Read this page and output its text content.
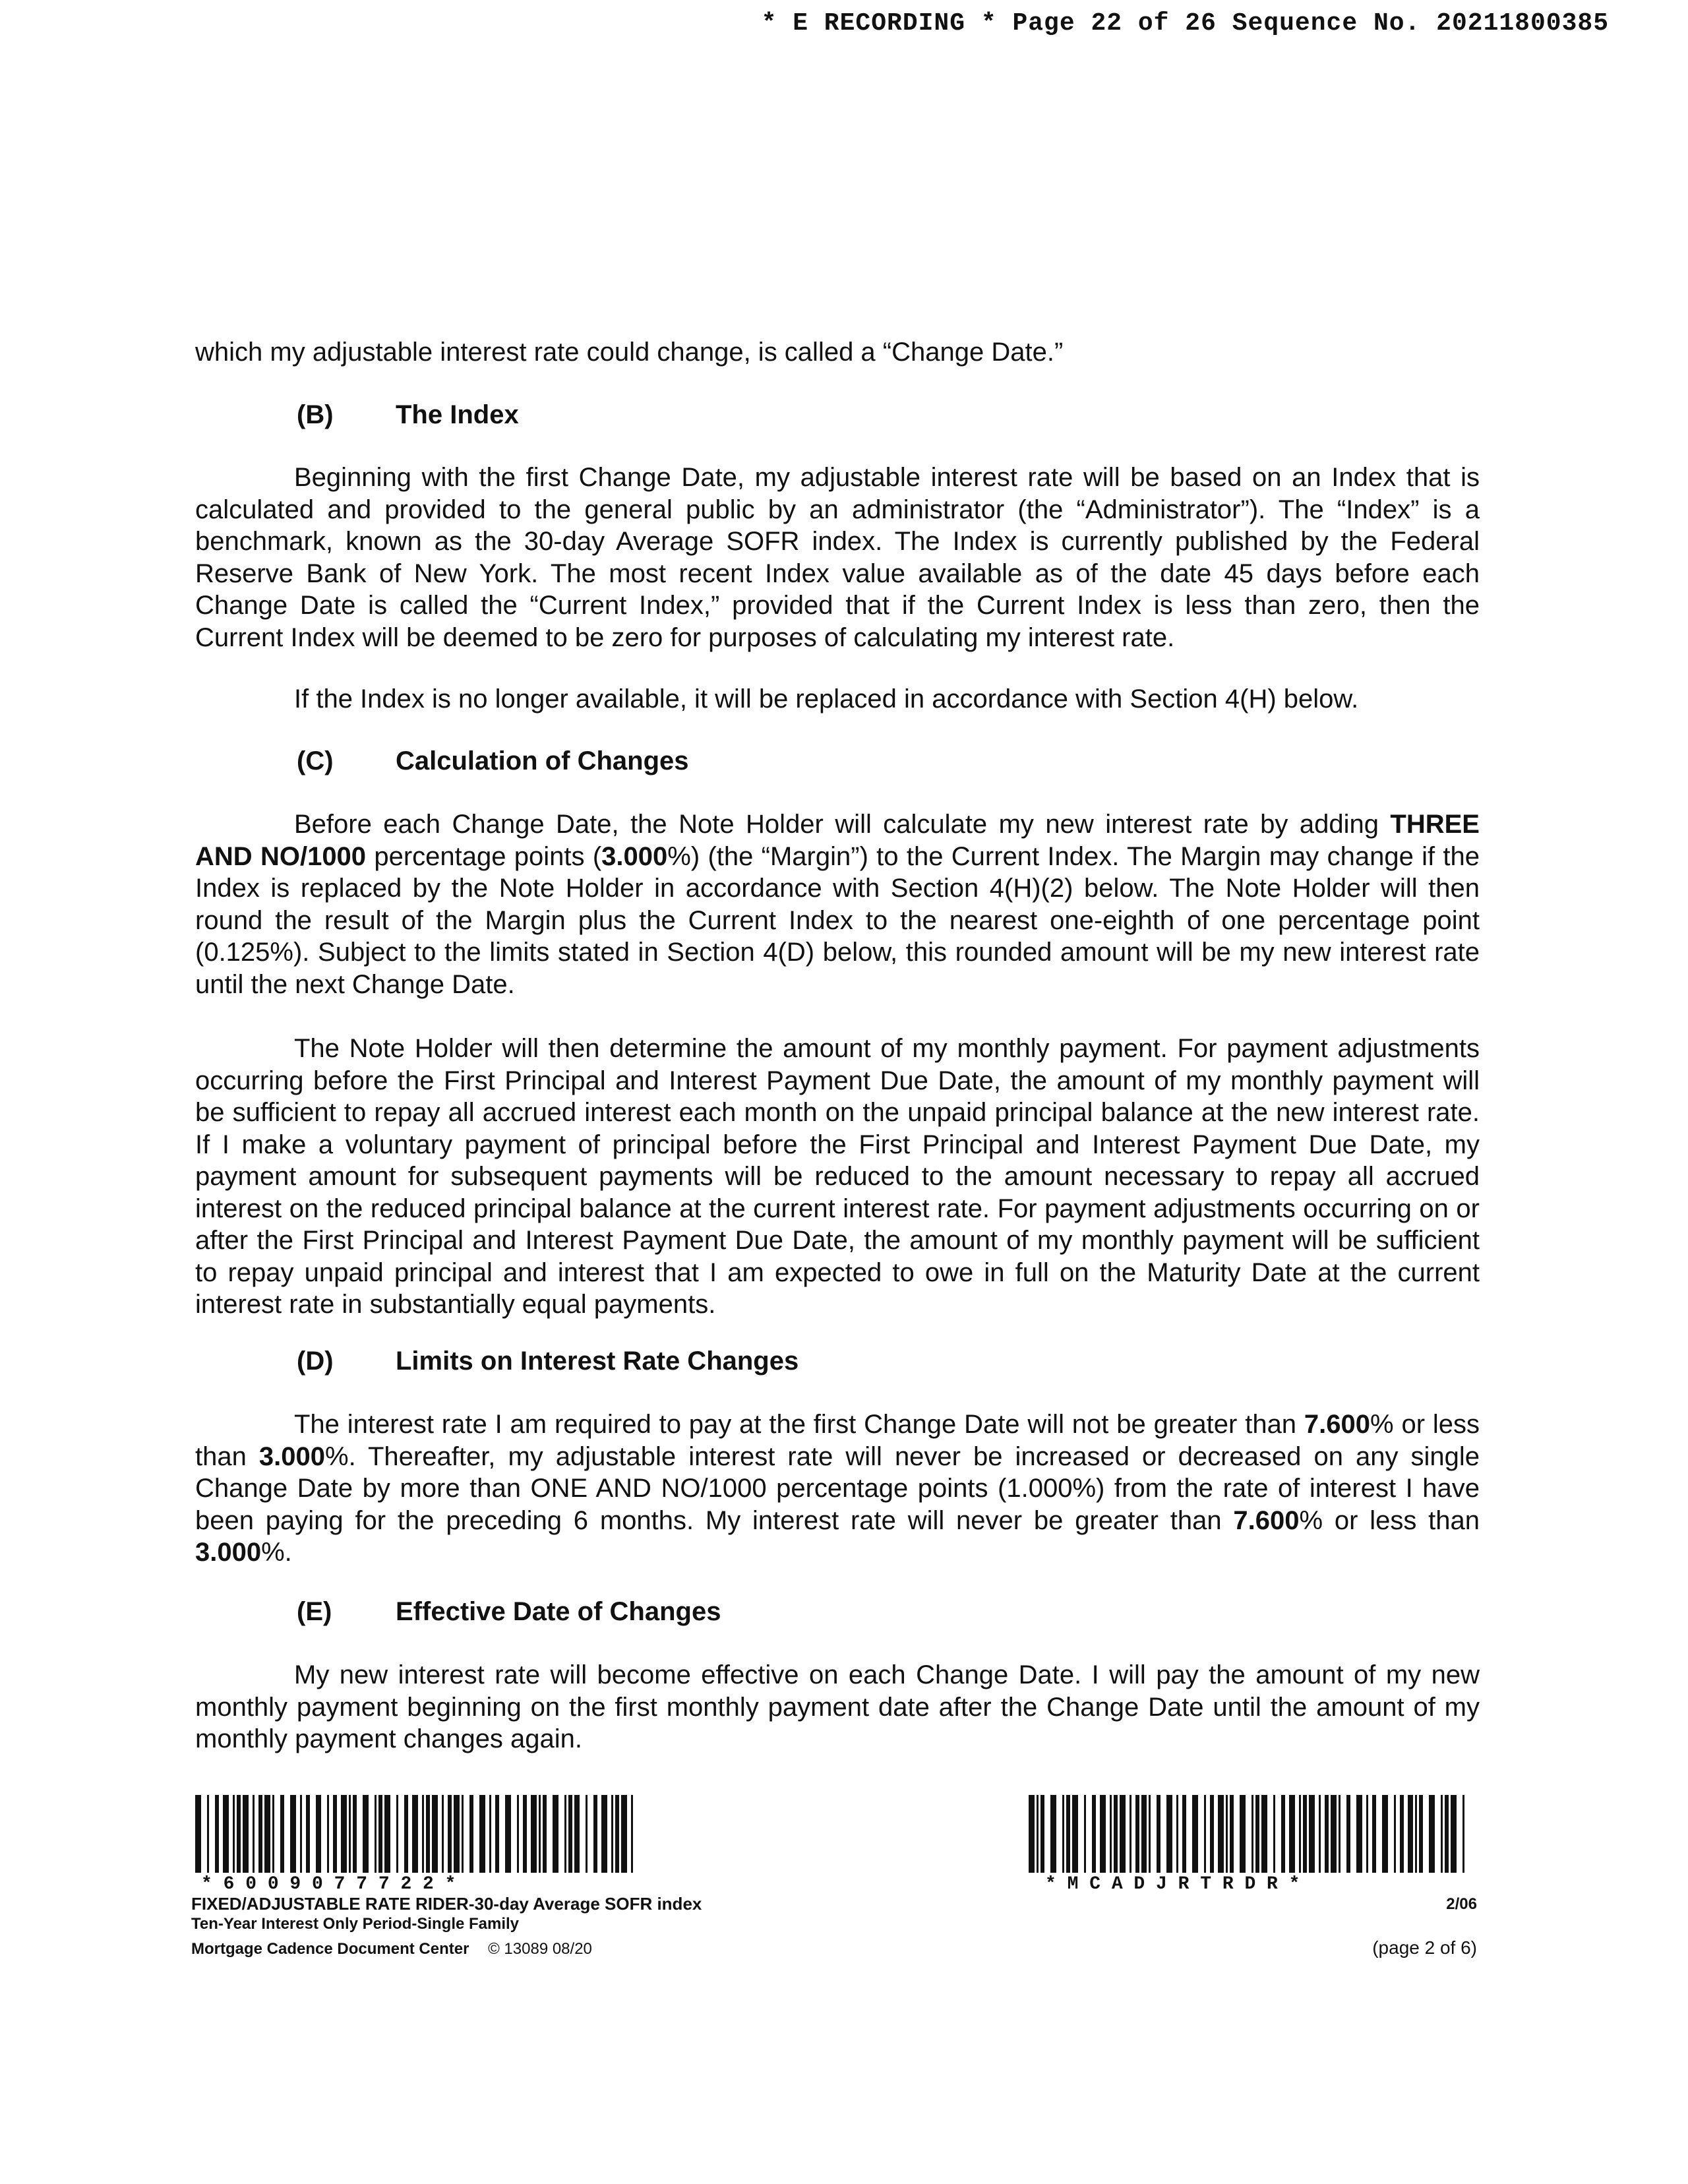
* E RECORDING * Page 22 of 26 Sequence No. 20211800385

which my adjustable interest rate could change, is called a “Change Date.”

(B) The Index

Beginning with the first Change Date, my adjustable interest rate will be based on an Index that is calculated and provided to the general public by an administrator (the “Administrator”). The “Index” is a benchmark, known as the 30-day Average SOFR index. The Index is currently published by the Federal Reserve Bank of New York. The most recent Index value available as of the date 45 days before each Change Date is called the “Current Index,” provided that if the Current Index is less than zero, then the Current Index will be deemed to be zero for purposes of calculating my interest rate.

If the Index is no longer available, it will be replaced in accordance with Section 4(H) below.

(C) Calculation of Changes

Before each Change Date, the Note Holder will calculate my new interest rate by adding THREE AND NO/1000 percentage points (3.000%) (the “Margin”) to the Current Index. The Margin may change if the Index is replaced by the Note Holder in accordance with Section 4(H)(2) below. The Note Holder will then round the result of the Margin plus the Current Index to the nearest one-eighth of one percentage point (0.125%). Subject to the limits stated in Section 4(D) below, this rounded amount will be my new interest rate until the next Change Date.

The Note Holder will then determine the amount of my monthly payment. For payment adjustments occurring before the First Principal and Interest Payment Due Date, the amount of my monthly payment will be sufficient to repay all accrued interest each month on the unpaid principal balance at the new interest rate. If I make a voluntary payment of principal before the First Principal and Interest Payment Due Date, my payment amount for subsequent payments will be reduced to the amount necessary to repay all accrued interest on the reduced principal balance at the current interest rate. For payment adjustments occurring on or after the First Principal and Interest Payment Due Date, the amount of my monthly payment will be sufficient to repay unpaid principal and interest that I am expected to owe in full on the Maturity Date at the current interest rate in substantially equal payments.

(D) Limits on Interest Rate Changes

The interest rate I am required to pay at the first Change Date will not be greater than 7.600% or less than 3.000%. Thereafter, my adjustable interest rate will never be increased or decreased on any single Change Date by more than ONE AND NO/1000 percentage points (1.000%) from the rate of interest I have been paying for the preceding 6 months. My interest rate will never be greater than 7.600% or less than 3.000%.

(E) Effective Date of Changes

My new interest rate will become effective on each Change Date. I will pay the amount of my new monthly payment beginning on the first monthly payment date after the Change Date until the amount of my monthly payment changes again.

* 6 0 0 9 0 7 7 7 2 2 *	* M C A D J R T R D R *
FIXED/ADJUSTABLE RATE RIDER-30-day Average SOFR index
Ten-Year Interest Only Period-Single Family
Mortgage Cadence Document Center © 13089 08/20
2/06
(page 2 of 6)
